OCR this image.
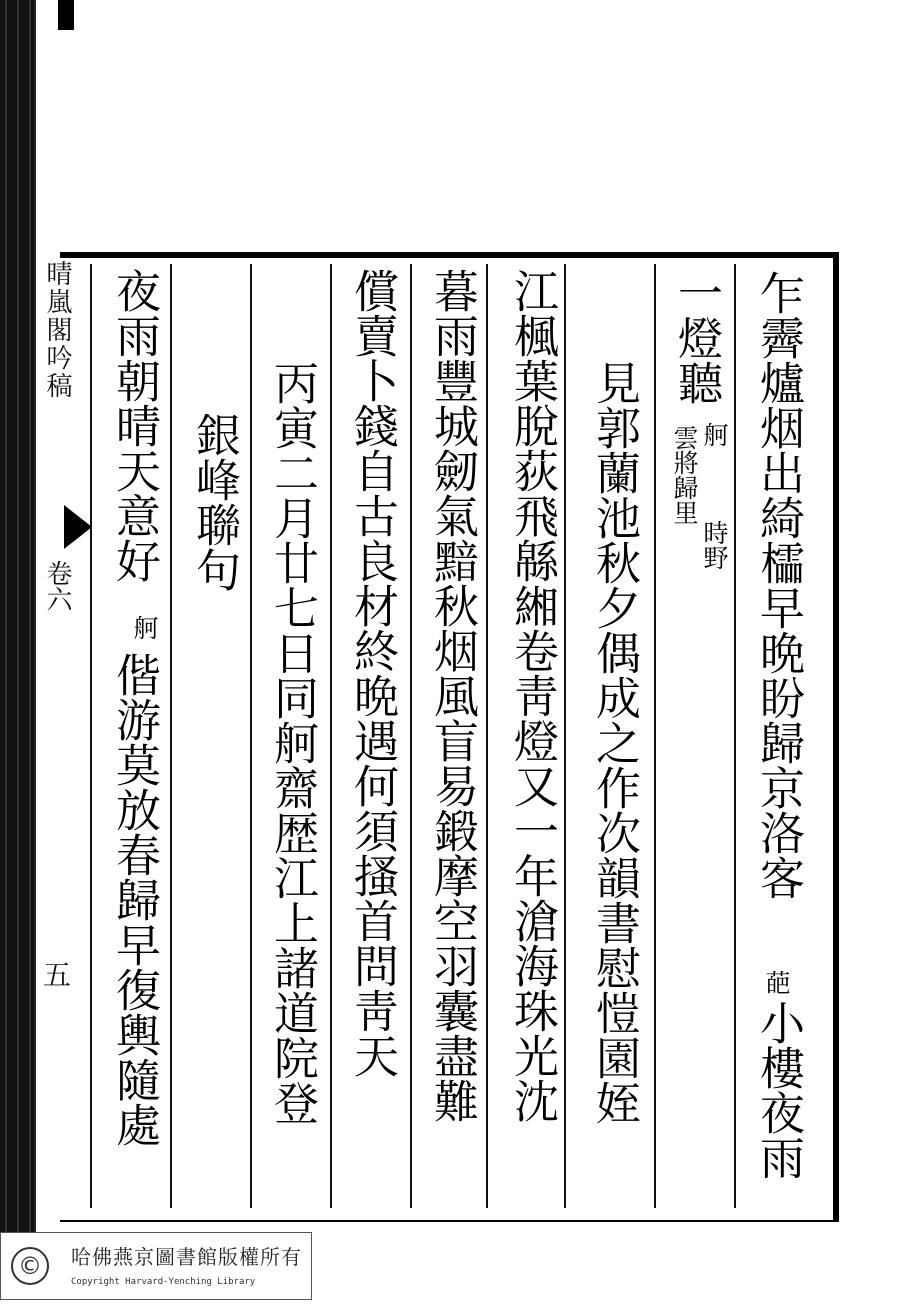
晴嵐閣吟稿
卷六
五
乍霽爐烟出綺櫺早晩盼歸京洛客
葩
小樓夜雨
一燈聽
舸
雲將歸里
時野
見郭蘭池秋夕偶成之作次韻書慰愷園姪
江楓葉脫荻飛緜緗卷靑燈又一年滄海珠光沈
暮雨豐城劒氣黯秋烟風盲易鍛摩空羽囊盡難
償賣卜錢自古良材終晩遇何須搔首問靑天
丙寅二月廿七日同舸齋歴江上諸道院登
銀峰聯句
夜雨朝晴天意好
舸
偕游莫放春歸早復輿隨處
©	哈佛燕京圖書館版權所有
Copyright Harvard-Yenching Library
